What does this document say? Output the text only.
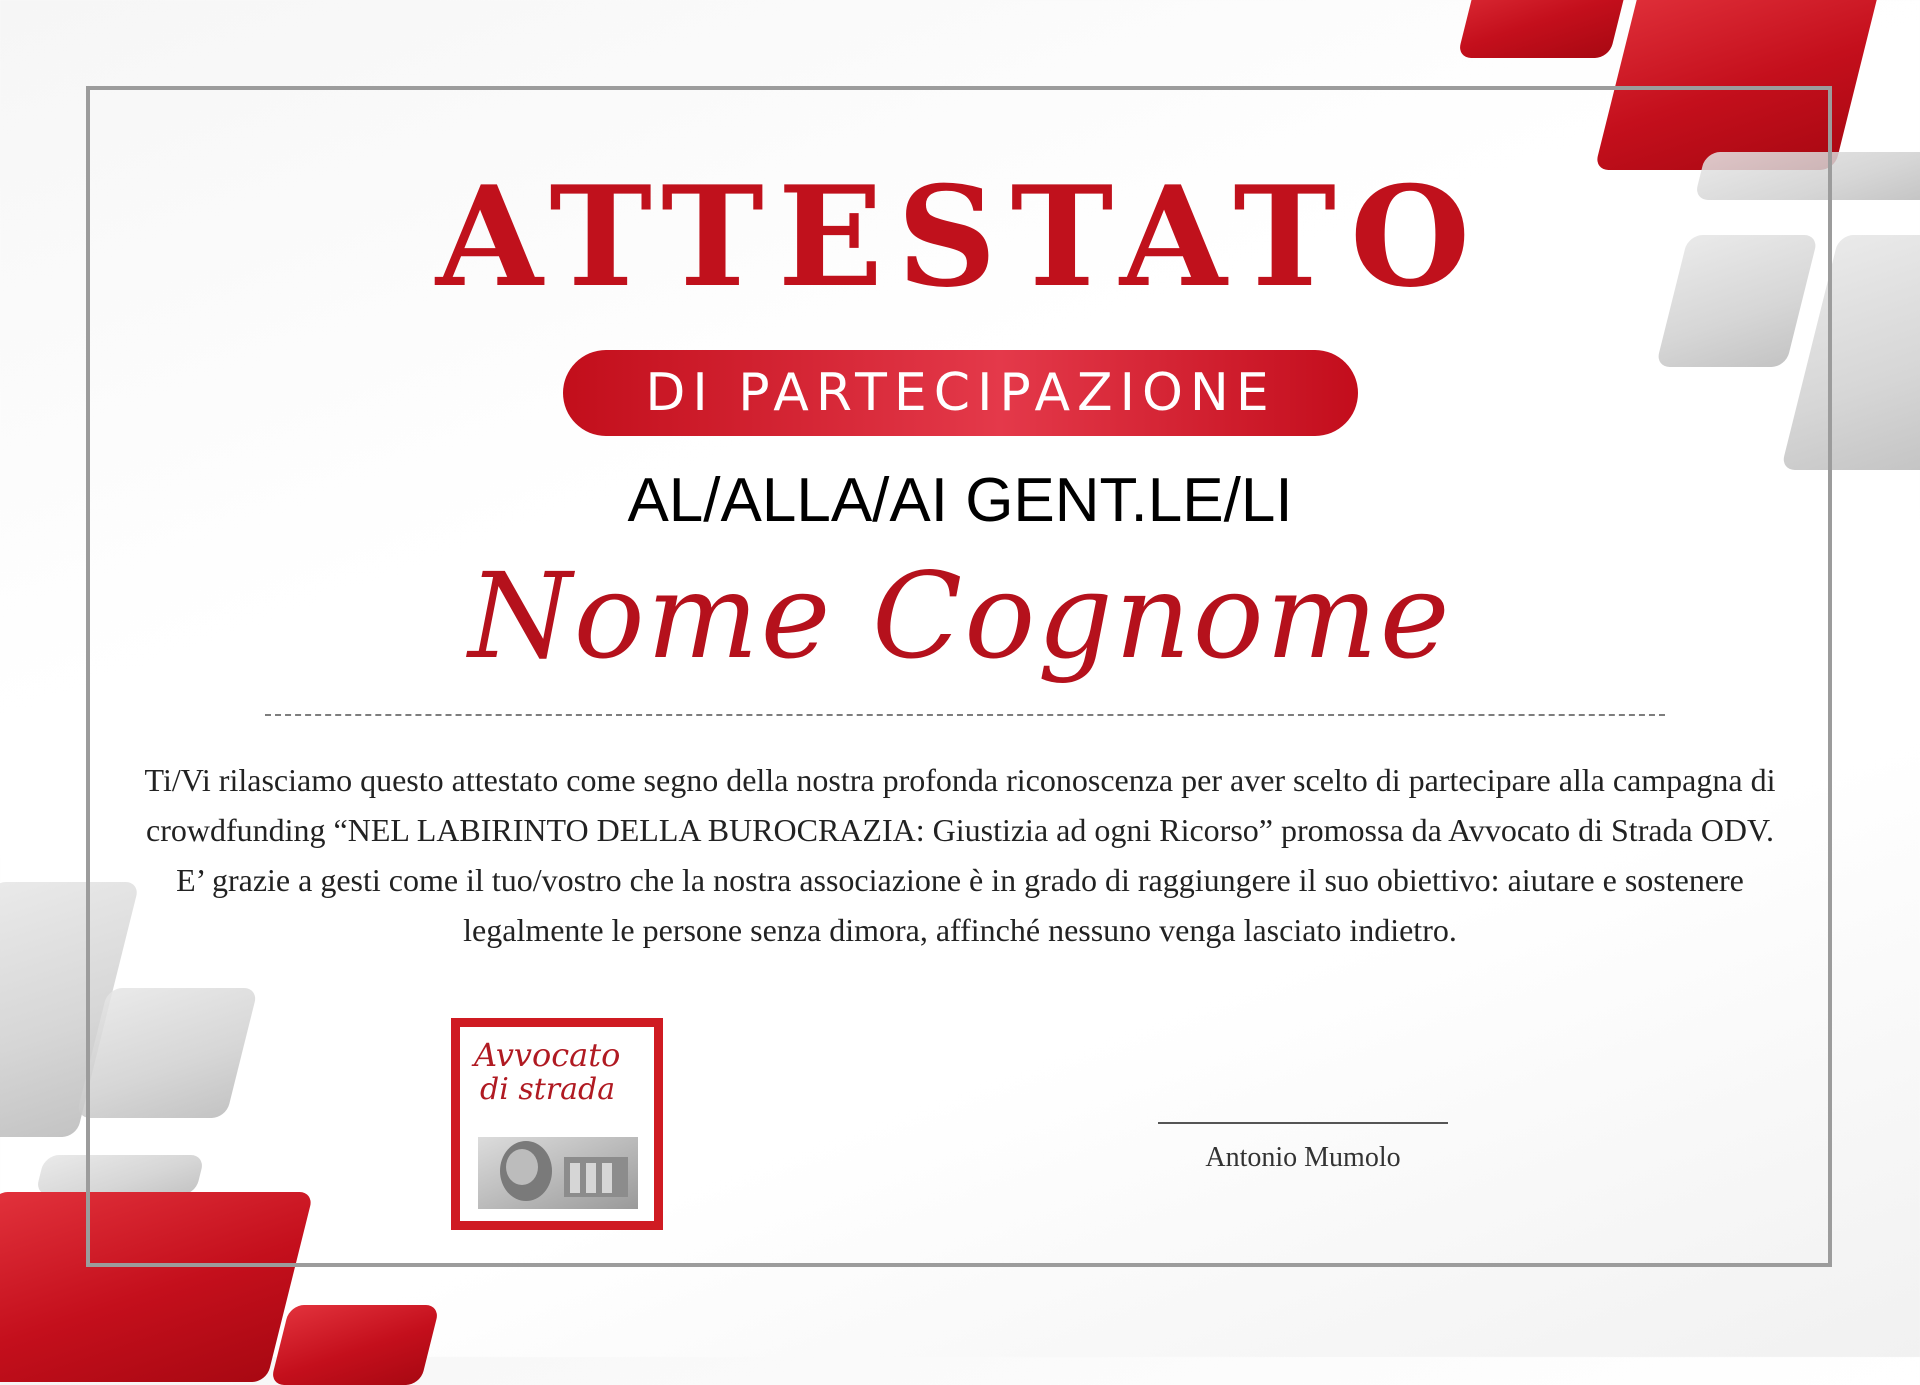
ATTESTATO
DI PARTECIPAZIONE
AL/ALLA/AI GENT.LE/LI
Nome Cognome
Ti/Vi rilasciamo questo attestato come segno della nostra profonda riconoscenza per aver scelto di partecipare alla campagna di crowdfunding “NEL LABIRINTO DELLA BUROCRAZIA: Giustizia ad ogni Ricorso” promossa da Avvocato di Strada ODV. E’ grazie a gesti come il tuo/vostro che la nostra associazione è in grado di raggiungere il suo obiettivo: aiutare e sostenere legalmente le persone senza dimora, affinché nessuno venga lasciato indietro.
Avvocato
di strada
Antonio Mumolo
